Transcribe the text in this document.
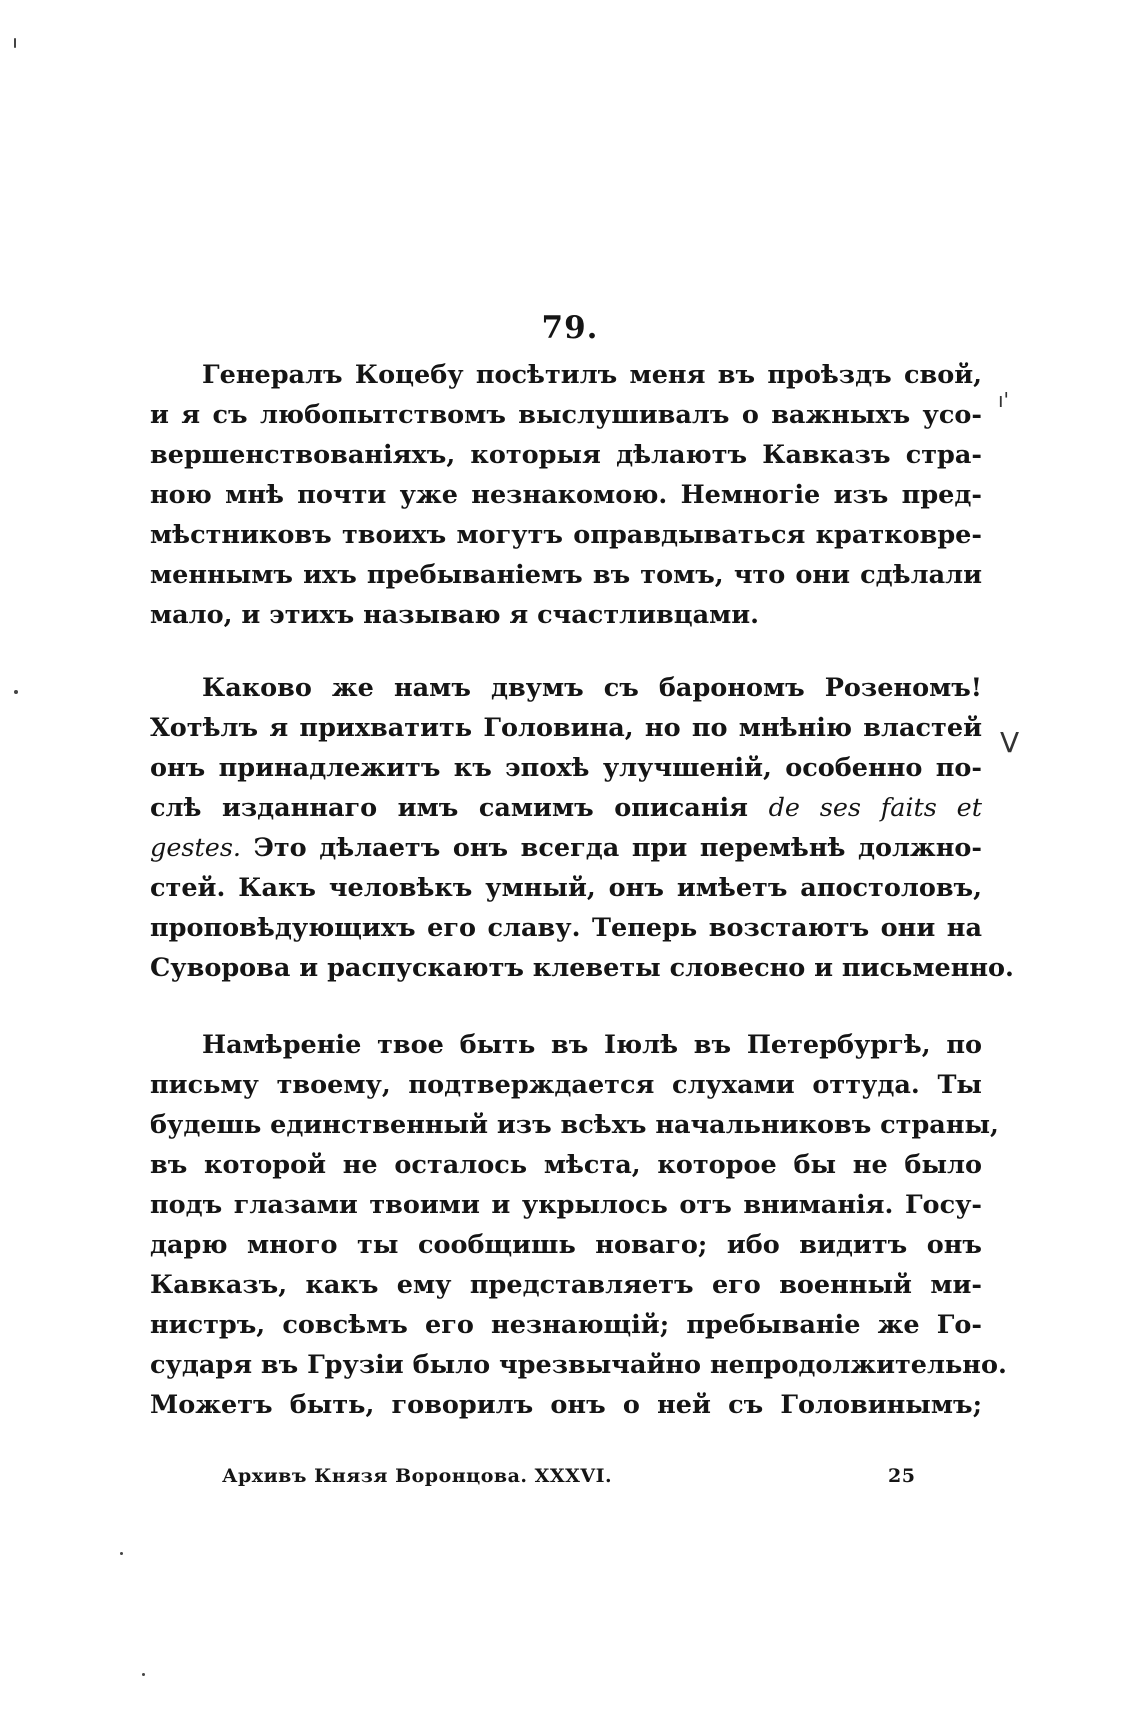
79.
Генералъ Коцебу посѣтилъ меня въ проѣздъ свой,
и я съ любопытствомъ выслушивалъ о важныхъ усо-
вершенствованіяхъ, которыя дѣлаютъ Кавказъ стра-
ною мнѣ почти уже незнакомою. Немногіе изъ пред-
мѣстниковъ твоихъ могутъ оправдываться кратковре-
меннымъ ихъ пребываніемъ въ томъ, что они сдѣлали
мало, и этихъ называю я счастливцами.
Каково же намъ двумъ съ барономъ Розеномъ!
Хотѣлъ я прихватить Головина, но по мнѣнію властей
онъ принадлежитъ къ эпохѣ улучшеній, особенно по-
слѣ изданнаго имъ самимъ описанія de ses faits et
gestes. Это дѣлаетъ онъ всегда при перемѣнѣ должно-
стей. Какъ человѣкъ умный, онъ имѣетъ апостоловъ,
проповѣдующихъ его славу. Теперь возстаютъ они на
Суворова и распускаютъ клеветы словесно и письменно.
Намѣреніе твое быть въ Іюлѣ въ Петербургѣ, по
письму твоему, подтверждается слухами оттуда. Ты
будешь единственный изъ всѣхъ начальниковъ страны,
въ которой не осталось мѣста, которое бы не было
подъ глазами твоими и укрылось отъ вниманія. Госу-
дарю много ты сообщишь новаго; ибо видитъ онъ
Кавказъ, какъ ему представляетъ его военный ми-
нистръ, совсѣмъ его незнающій; пребываніе же Го-
сударя въ Грузіи было чрезвычайно непродолжительно.
Можетъ быть, говорилъ онъ о ней съ Головинымъ;
Архивъ Князя Воронцова. XXXVI.	25
ı'
V
